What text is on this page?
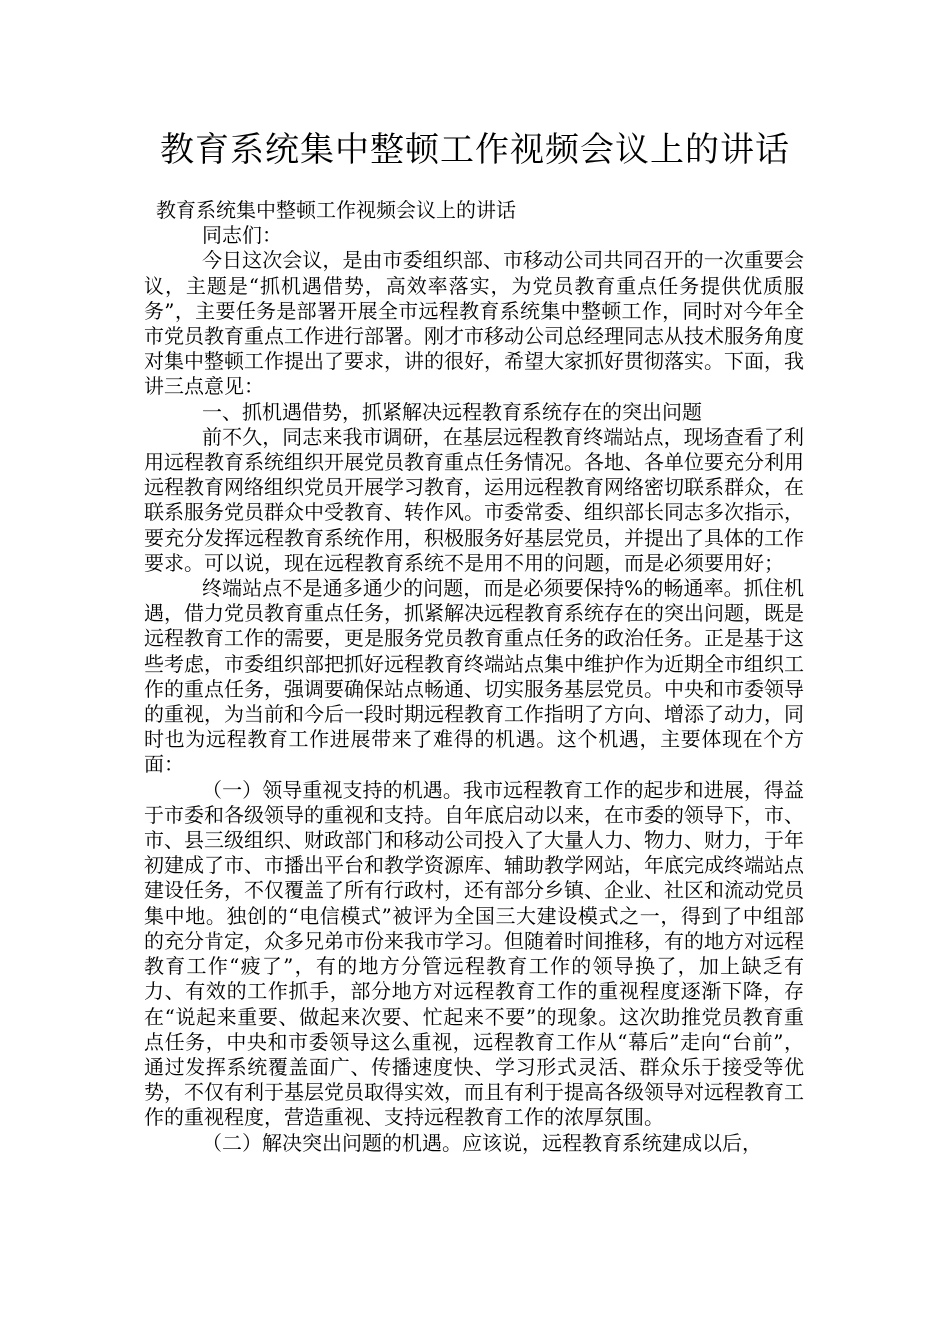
教育系统集中整顿工作视频会议上的讲话

教育系统集中整顿工作视频会议上的讲话

同志们：

今日这次会议，是由市委组织部、市移动公司共同召开的一次重要会议，主题是“抓机遇借势，高效率落实，为党员教育重点任务提供优质服务”，主要任务是部署开展全市远程教育系统集中整顿工作，同时对今年全市党员教育重点工作进行部署。刚才市移动公司总经理同志从技术服务角度对集中整顿工作提出了要求，讲的很好，希望大家抓好贯彻落实。下面，我讲三点意见：

一、抓机遇借势，抓紧解决远程教育系统存在的突出问题

前不久，同志来我市调研，在基层远程教育终端站点，现场查看了利用远程教育系统组织开展党员教育重点任务情况。各地、各单位要充分利用远程教育网络组织党员开展学习教育，运用远程教育网络密切联系群众，在联系服务党员群众中受教育、转作风。市委常委、组织部长同志多次指示，要充分发挥远程教育系统作用，积极服务好基层党员，并提出了具体的工作要求。可以说，现在远程教育系统不是用不用的问题，而是必须要用好；

终端站点不是通多通少的问题，而是必须要保持%的畅通率。抓住机遇，借力党员教育重点任务，抓紧解决远程教育系统存在的突出问题，既是远程教育工作的需要，更是服务党员教育重点任务的政治任务。正是基于这些考虑，市委组织部把抓好远程教育终端站点集中维护作为近期全市组织工作的重点任务，强调要确保站点畅通、切实服务基层党员。中央和市委领导的重视，为当前和今后一段时期远程教育工作指明了方向、增添了动力，同时也为远程教育工作进展带来了难得的机遇。这个机遇，主要体现在个方面：

（一）领导重视支持的机遇。我市远程教育工作的起步和进展，得益于市委和各级领导的重视和支持。自年底启动以来，在市委的领导下，市、市、县三级组织、财政部门和移动公司投入了大量人力、物力、财力，于年初建成了市、市播出平台和教学资源库、辅助教学网站，年底完成终端站点建设任务，不仅覆盖了所有行政村，还有部分乡镇、企业、社区和流动党员集中地。独创的“电信模式”被评为全国三大建设模式之一，得到了中组部的充分肯定，众多兄弟市份来我市学习。但随着时间推移，有的地方对远程教育工作“疲了”，有的地方分管远程教育工作的领导换了，加上缺乏有力、有效的工作抓手，部分地方对远程教育工作的重视程度逐渐下降，存在“说起来重要、做起来次要、忙起来不要”的现象。这次助推党员教育重点任务，中央和市委领导这么重视，远程教育工作从“幕后”走向“台前”，通过发挥系统覆盖面广、传播速度快、学习形式灵活、群众乐于接受等优势，不仅有利于基层党员取得实效，而且有利于提高各级领导对远程教育工作的重视程度，营造重视、支持远程教育工作的浓厚氛围。

（二）解决突出问题的机遇。应该说，远程教育系统建成以后，
